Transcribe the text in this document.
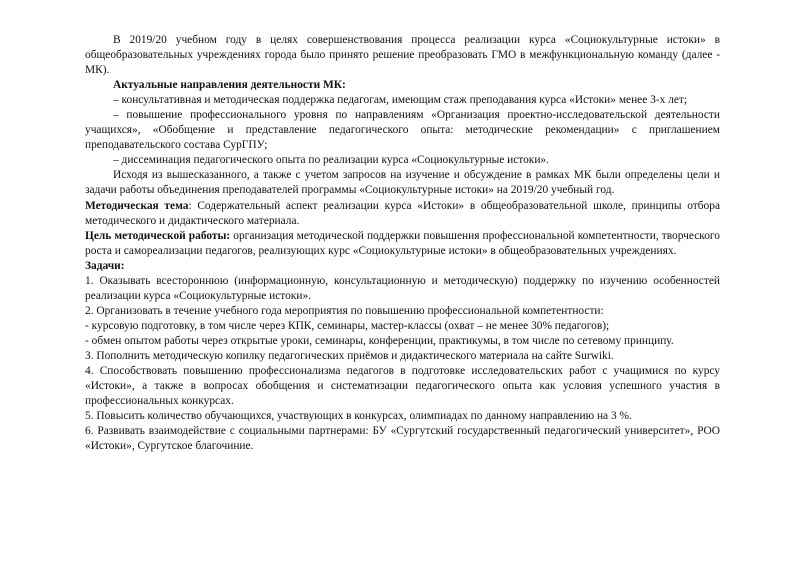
В 2019/20 учебном году в целях совершенствования процесса реализации курса «Социокультурные истоки» в общеобразовательных учреждениях города было принято решение преобразовать ГМО в межфункциональную команду (далее - МК).

Актуальные направления деятельности МК:

– консультативная и методическая поддержка педагогам, имеющим стаж преподавания курса «Истоки» менее 3-х лет;

– повышение профессионального уровня по направлениям «Организация проектно-исследовательской деятельности учащихся», «Обобщение и представление педагогического опыта: методические рекомендации» с приглашением преподавательского состава СурГПУ;

– диссеминация педагогического опыта по реализации курса «Социокультурные истоки».

Исходя из вышесказанного, а также с учетом запросов на изучение и обсуждение в рамках МК были определены цели и задачи работы объединения преподавателей программы «Социокультурные истоки» на 2019/20 учебный год.

Методическая тема: Содержательный аспект реализации курса «Истоки» в общеобразовательной школе, принципы отбора методического и дидактического материала.

Цель методической работы: организация методической поддержки повышения профессиональной компетентности, творческого роста и самореализации педагогов, реализующих курс «Социокультурные истоки» в общеобразовательных учреждениях.

Задачи:

1. Оказывать всестороннюю (информационную, консультационную и методическую) поддержку по изучению особенностей реализации курса «Социокультурные истоки».

2. Организовать в течение учебного года мероприятия по повышению профессиональной компетентности:

- курсовую подготовку, в том числе через КПК, семинары, мастер-классы (охват – не менее 30% педагогов);

- обмен опытом работы через открытые уроки, семинары, конференции, практикумы, в том числе по сетевому принципу.

3. Пополнить методическую копилку педагогических приёмов и дидактического материала на сайте Surwiki.

4. Способствовать повышению профессионализма педагогов в подготовке исследовательских работ с учащимися по курсу «Истоки», а также в вопросах обобщения и систематизации педагогического опыта как условия успешного участия в профессиональных конкурсах.

5. Повысить количество обучающихся, участвующих в конкурсах, олимпиадах по данному направлению на 3 %.

6. Развивать взаимодействие с социальными партнерами: БУ «Сургутский государственный педагогический университет», РОО «Истоки», Сургутское благочиние.
